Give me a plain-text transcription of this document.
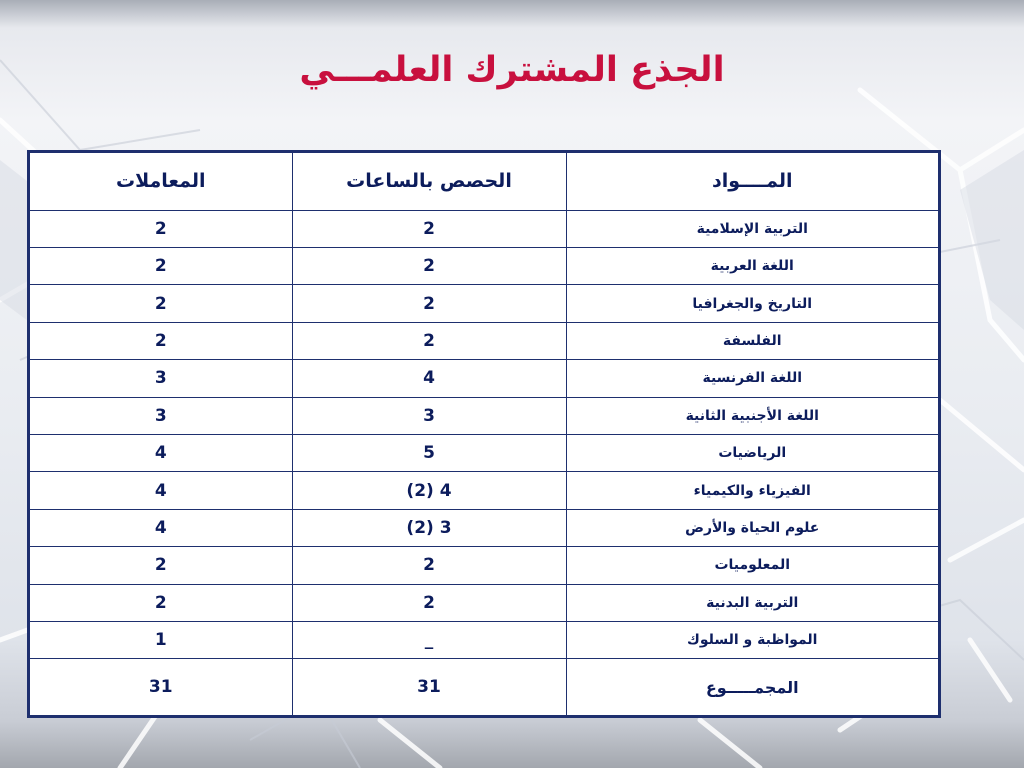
الجذع المشترك العلمـــي
المــــواد	الحصص بالساعات	المعاملات
التربية الإسلامية	2	2
اللغة العربية	2	2
التاريخ والجغرافيا	2	2
الفلسفة	2	2
اللغة الفرنسية	4	3
اللغة الأجنبية الثانية	3	3
الرياضيات	5	4
الفيزياء والكيمياء	4 (2)	4
علوم الحياة والأرض	3 (2)	4
المعلوميات	2	2
التربية البدنية	2	2
المواظبة و السلوك	_	1
المجمـــــوع	31	31
